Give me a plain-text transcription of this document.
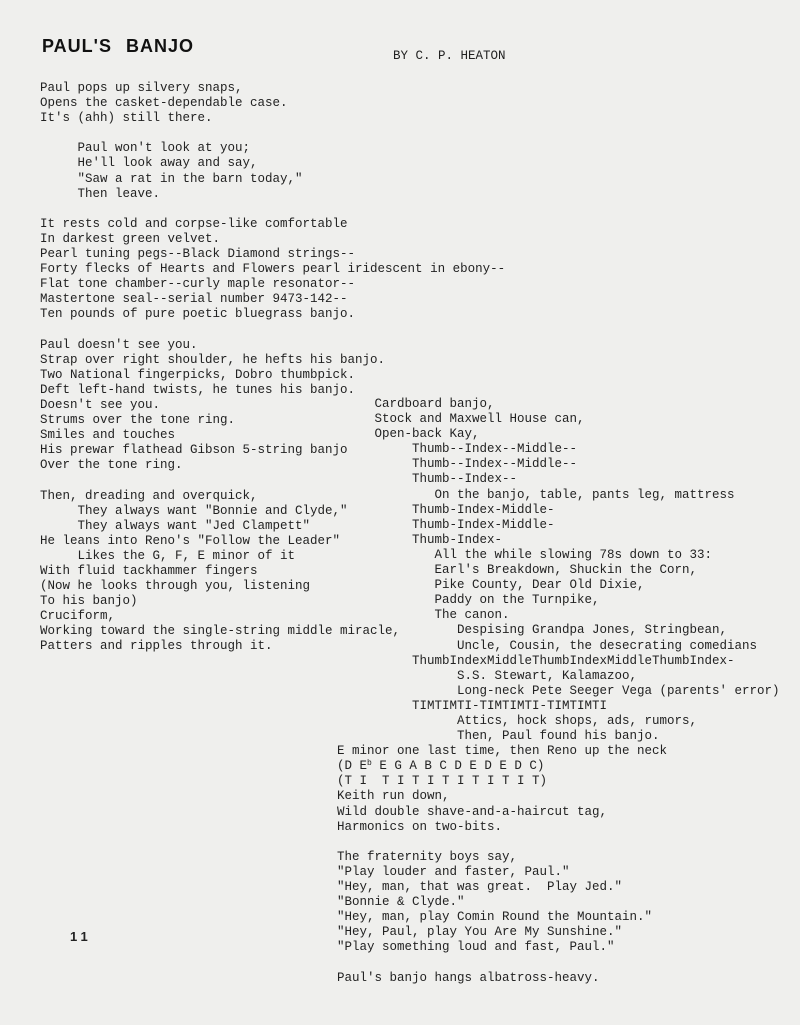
PAUL'S BANJO	BY C. P. HEATON
Paul pops up silvery snaps,
Opens the casket-dependable case.
It's (ahh) still there.
Paul won't look at you;
He'll look away and say,
"Saw a rat in the barn today,"
Then leave.
It rests cold and corpse-like comfortable
In darkest green velvet.
Pearl tuning pegs--Black Diamond strings--
Forty flecks of Hearts and Flowers pearl iridescent in ebony--
Flat tone chamber--curly maple resonator--
Mastertone seal--serial number 9473-142--
Ten pounds of pure poetic bluegrass banjo.
Paul doesn't see you.
Strap over right shoulder, he hefts his banjo.
Two National fingerpicks, Dobro thumbpick.
Deft left-hand twists, he tunes his banjo.
Doesn't see you.
Strums over the tone ring.
Smiles and touches
His prewar flathead Gibson 5-string banjo
Over the tone ring.
Then, dreading and overquick,
They always want "Bonnie and Clyde,"
They always want "Jed Clampett"
He leans into Reno's "Follow the Leader"
Likes the G, F, E minor of it
With fluid tackhammer fingers
(Now he looks through you, listening
To his banjo)
Cruciform,
Working toward the single-string middle miracle,
Patters and ripples through it.
Cardboard banjo,
Stock and Maxwell House can,
Open-back Kay,
Thumb--Index--Middle--
Thumb--Index--Middle--
Thumb--Index--
On the banjo, table, pants leg, mattress
Thumb-Index-Middle-
Thumb-Index-Middle-
Thumb-Index-
All the while slowing 78s down to 33:
Earl's Breakdown, Shuckin the Corn,
Pike County, Dear Old Dixie,
Paddy on the Turnpike,
The canon.
Despising Grandpa Jones, Stringbean,
Uncle, Cousin, the desecrating comedians
ThumbIndexMiddleThumbIndexMiddleThumbIndex-
S.S. Stewart, Kalamazoo,
Long-neck Pete Seeger Vega (parents' error)
TIMTIMTI-TIMTIMTI-TIMTIMTI
Attics, hock shops, ads, rumors,
Then, Paul found his banjo.
E minor one last time, then Reno up the neck
(D $E^b$ E G A B C D E D E D C)
(T I  T I T I T I T I T I T)
Keith run down,
Wild double shave-and-a-haircut tag,
Harmonics on two-bits.
The fraternity boys say,
"Play louder and faster, Paul."
"Hey, man, that was great.  Play Jed."
"Bonnie & Clyde."
"Hey, man, play Comin Round the Mountain."
"Hey, Paul, play You Are My Sunshine."
"Play something loud and fast, Paul."
Paul's banjo hangs albatross-heavy.
11
